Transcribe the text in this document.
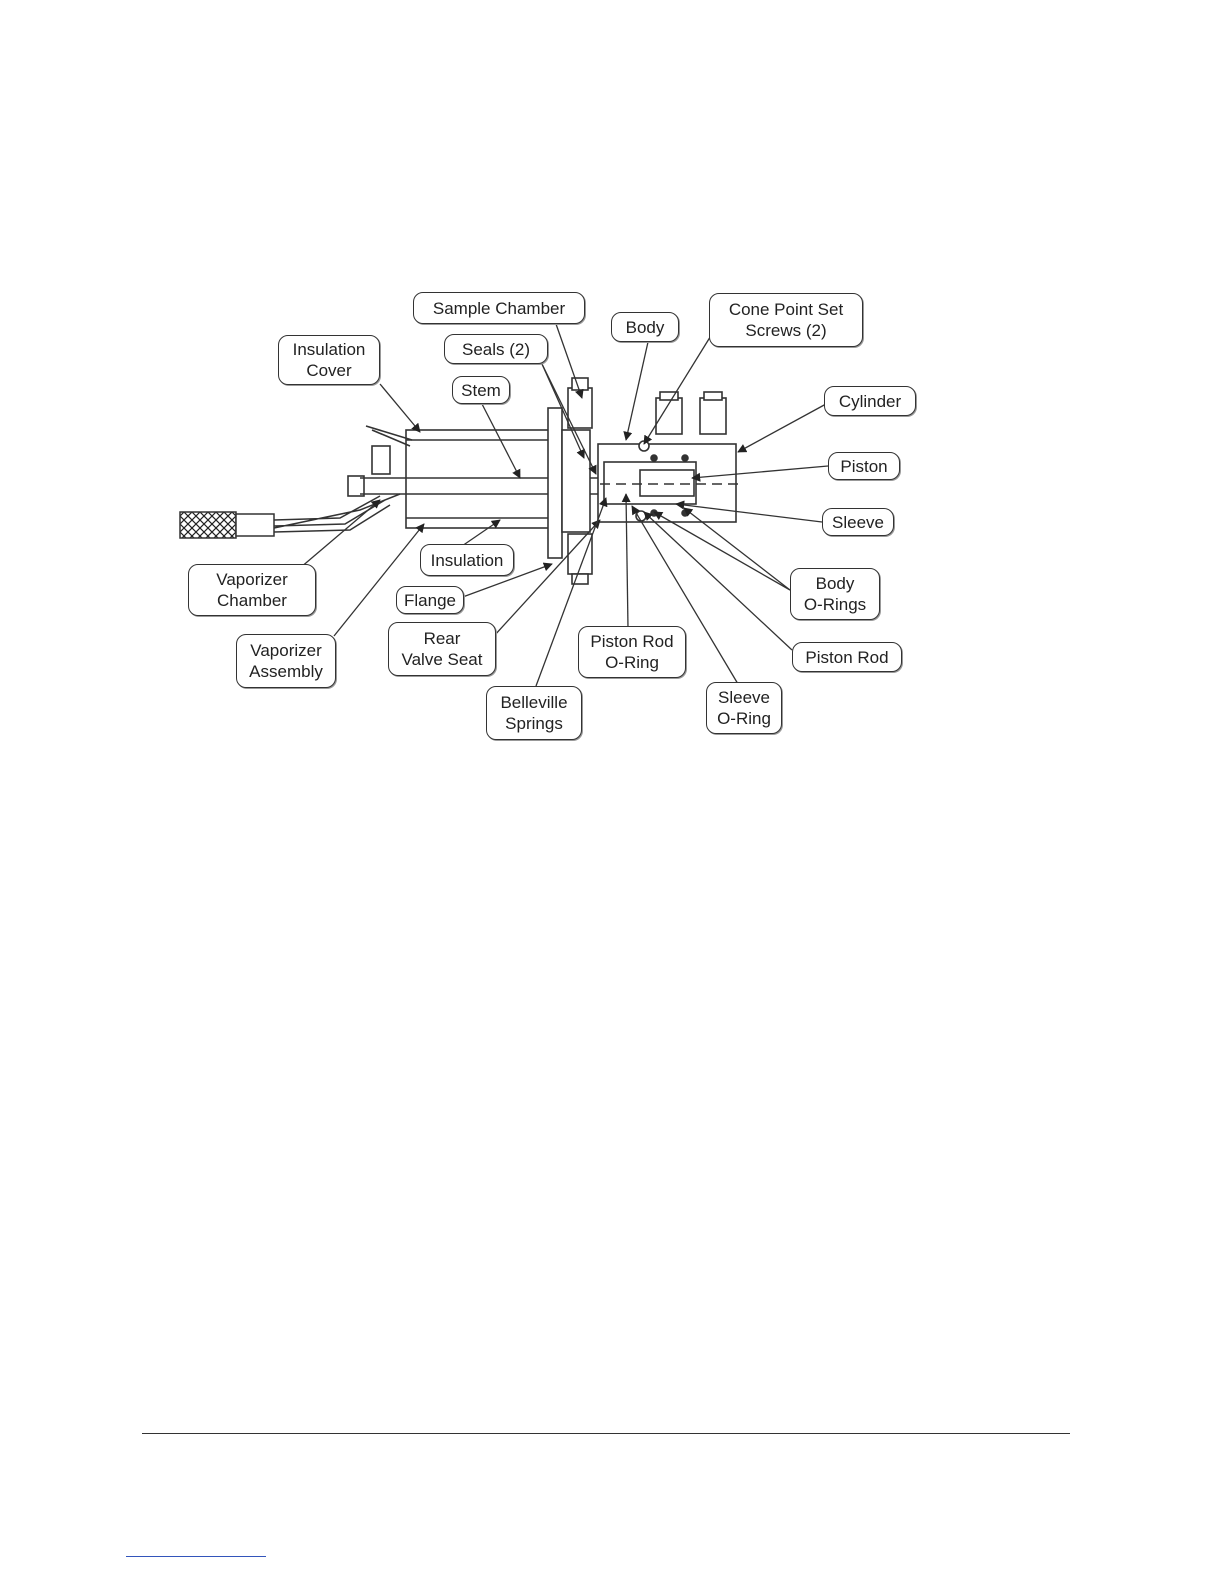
Sample Chamber
Body
Cone Point Set
Screws (2)
Insulation
Cover
Seals (2)
Stem
Cylinder
Piston
Sleeve
Body
O-Rings
Piston Rod
Insulation
Flange
Vaporizer
Chamber
Vaporizer
Assembly
Rear
Valve Seat
Piston Rod
O-Ring
Belleville
Springs
Sleeve
O-Ring
